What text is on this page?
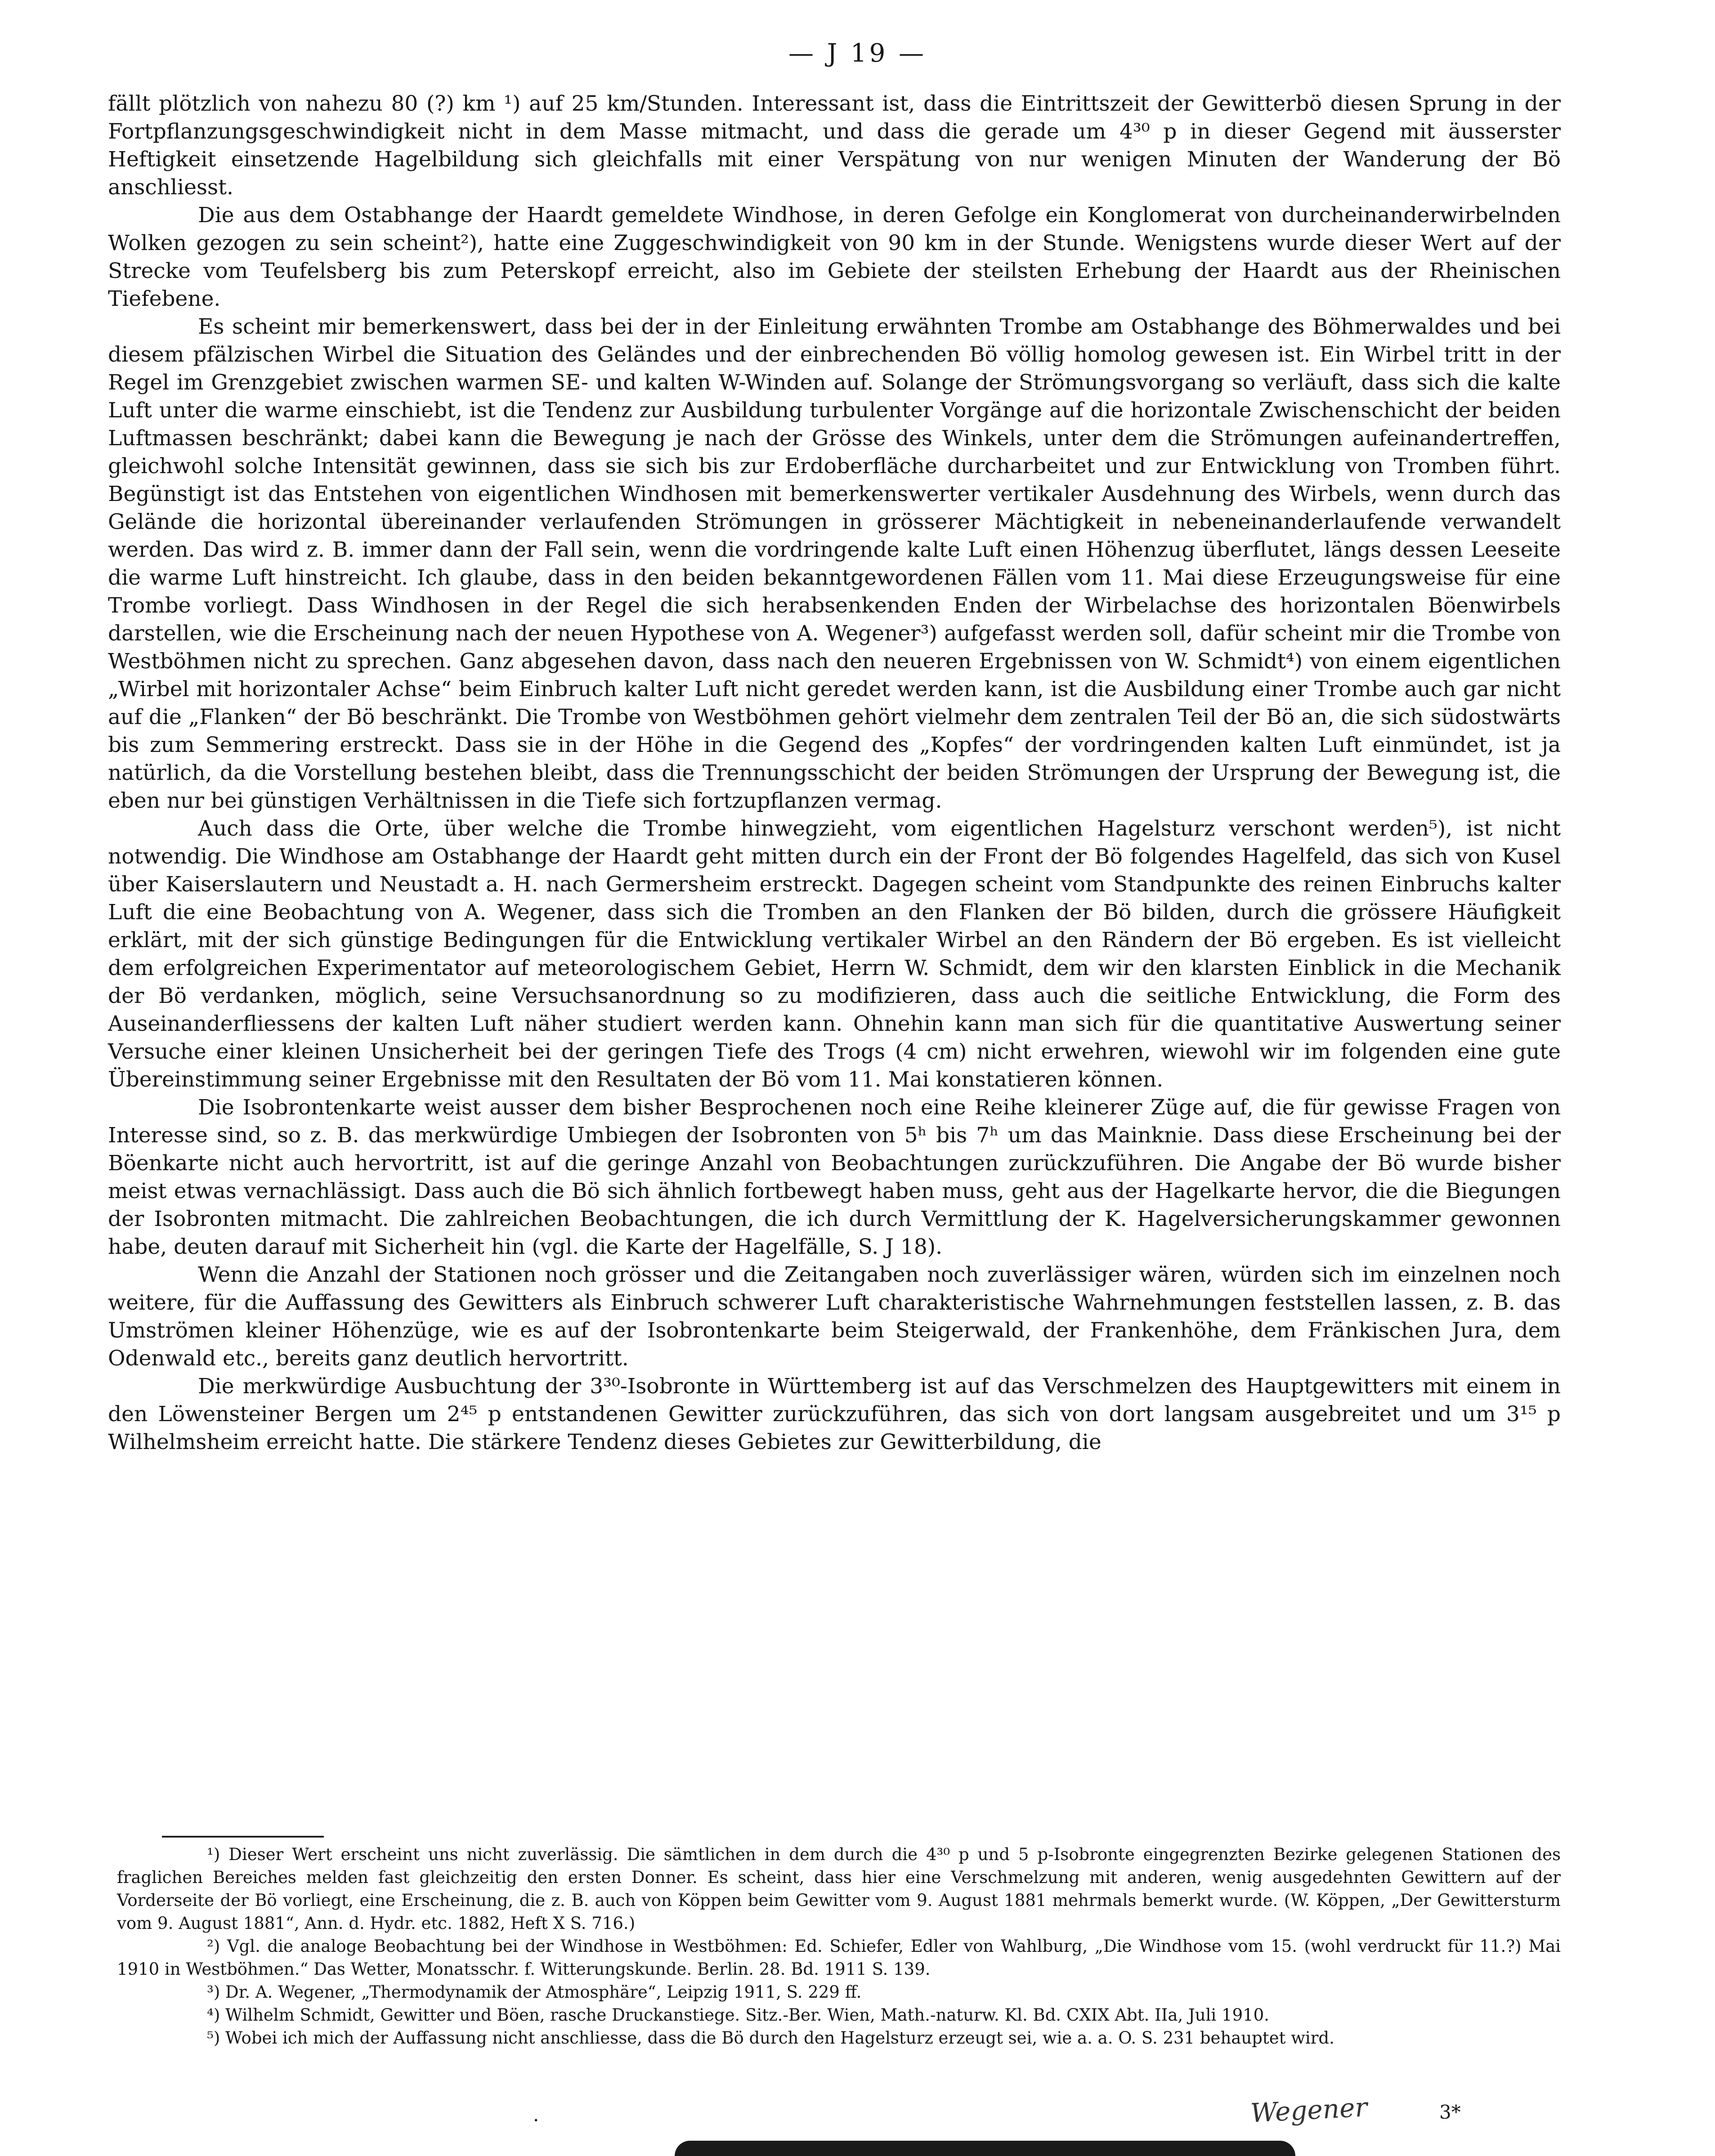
— J 19 —

fällt plötzlich von nahezu 80 (?) km ¹) auf 25 km/Stunden. Interessant ist, dass die Eintrittszeit der Gewitterbö diesen Sprung in der Fortpflanzungsgeschwindigkeit nicht in dem Masse mitmacht, und dass die gerade um 4³⁰ p in dieser Gegend mit äusserster Heftigkeit einsetzende Hagelbildung sich gleichfalls mit einer Verspätung von nur wenigen Minuten der Wanderung der Bö anschliesst.

Die aus dem Ostabhange der Haardt gemeldete Windhose, in deren Gefolge ein Konglomerat von durcheinanderwirbelnden Wolken gezogen zu sein scheint²), hatte eine Zuggeschwindigkeit von 90 km in der Stunde. Wenigstens wurde dieser Wert auf der Strecke vom Teufelsberg bis zum Peterskopf erreicht, also im Gebiete der steilsten Erhebung der Haardt aus der Rheinischen Tiefebene.

Es scheint mir bemerkenswert, dass bei der in der Einleitung erwähnten Trombe am Ostabhange des Böhmerwaldes und bei diesem pfälzischen Wirbel die Situation des Geländes und der einbrechenden Bö völlig homolog gewesen ist. Ein Wirbel tritt in der Regel im Grenzgebiet zwischen warmen SE- und kalten W-Winden auf. Solange der Strömungsvorgang so verläuft, dass sich die kalte Luft unter die warme einschiebt, ist die Tendenz zur Ausbildung turbulenter Vorgänge auf die horizontale Zwischenschicht der beiden Luftmassen beschränkt; dabei kann die Bewegung je nach der Grösse des Winkels, unter dem die Strömungen aufeinandertreffen, gleichwohl solche Intensität gewinnen, dass sie sich bis zur Erdoberfläche durcharbeitet und zur Entwicklung von Tromben führt. Begünstigt ist das Entstehen von eigentlichen Windhosen mit bemerkenswerter vertikaler Ausdehnung des Wirbels, wenn durch das Gelände die horizontal übereinander verlaufenden Strömungen in grösserer Mächtigkeit in nebeneinanderlaufende verwandelt werden. Das wird z. B. immer dann der Fall sein, wenn die vordringende kalte Luft einen Höhenzug überflutet, längs dessen Leeseite die warme Luft hinstreicht. Ich glaube, dass in den beiden bekanntgewordenen Fällen vom 11. Mai diese Erzeugungsweise für eine Trombe vorliegt. Dass Windhosen in der Regel die sich herabsenkenden Enden der Wirbelachse des horizontalen Böenwirbels darstellen, wie die Erscheinung nach der neuen Hypothese von A. Wegener³) aufgefasst werden soll, dafür scheint mir die Trombe von Westböhmen nicht zu sprechen. Ganz abgesehen davon, dass nach den neueren Ergebnissen von W. Schmidt⁴) von einem eigentlichen „Wirbel mit horizontaler Achse“ beim Einbruch kalter Luft nicht geredet werden kann, ist die Ausbildung einer Trombe auch gar nicht auf die „Flanken“ der Bö beschränkt. Die Trombe von Westböhmen gehört vielmehr dem zentralen Teil der Bö an, die sich südostwärts bis zum Semmering erstreckt. Dass sie in der Höhe in die Gegend des „Kopfes“ der vordringenden kalten Luft einmündet, ist ja natürlich, da die Vorstellung bestehen bleibt, dass die Trennungsschicht der beiden Strömungen der Ursprung der Bewegung ist, die eben nur bei günstigen Verhältnissen in die Tiefe sich fortzupflanzen vermag.

Auch dass die Orte, über welche die Trombe hinwegzieht, vom eigentlichen Hagelsturz verschont werden⁵), ist nicht notwendig. Die Windhose am Ostabhange der Haardt geht mitten durch ein der Front der Bö folgendes Hagelfeld, das sich von Kusel über Kaiserslautern und Neustadt a. H. nach Germersheim erstreckt. Dagegen scheint vom Standpunkte des reinen Einbruchs kalter Luft die eine Beobachtung von A. Wegener, dass sich die Tromben an den Flanken der Bö bilden, durch die grössere Häufigkeit erklärt, mit der sich günstige Bedingungen für die Entwicklung vertikaler Wirbel an den Rändern der Bö ergeben. Es ist vielleicht dem erfolgreichen Experimentator auf meteorologischem Gebiet, Herrn W. Schmidt, dem wir den klarsten Einblick in die Mechanik der Bö verdanken, möglich, seine Versuchsanordnung so zu modifizieren, dass auch die seitliche Entwicklung, die Form des Auseinanderfliessens der kalten Luft näher studiert werden kann. Ohnehin kann man sich für die quantitative Auswertung seiner Versuche einer kleinen Unsicherheit bei der geringen Tiefe des Trogs (4 cm) nicht erwehren, wiewohl wir im folgenden eine gute Übereinstimmung seiner Ergebnisse mit den Resultaten der Bö vom 11. Mai konstatieren können.

Die Isobrontenkarte weist ausser dem bisher Besprochenen noch eine Reihe kleinerer Züge auf, die für gewisse Fragen von Interesse sind, so z. B. das merkwürdige Umbiegen der Isobronten von 5ʰ bis 7ʰ um das Mainknie. Dass diese Erscheinung bei der Böenkarte nicht auch hervortritt, ist auf die geringe Anzahl von Beobachtungen zurückzuführen. Die Angabe der Bö wurde bisher meist etwas vernachlässigt. Dass auch die Bö sich ähnlich fortbewegt haben muss, geht aus der Hagelkarte hervor, die die Biegungen der Isobronten mitmacht. Die zahlreichen Beobachtungen, die ich durch Vermittlung der K. Hagelversicherungskammer gewonnen habe, deuten darauf mit Sicherheit hin (vgl. die Karte der Hagelfälle, S. J 18).

Wenn die Anzahl der Stationen noch grösser und die Zeitangaben noch zuverlässiger wären, würden sich im einzelnen noch weitere, für die Auffassung des Gewitters als Einbruch schwerer Luft charakteristische Wahrnehmungen feststellen lassen, z. B. das Umströmen kleiner Höhenzüge, wie es auf der Isobrontenkarte beim Steigerwald, der Frankenhöhe, dem Fränkischen Jura, dem Odenwald etc., bereits ganz deutlich hervortritt.

Die merkwürdige Ausbuchtung der 3³⁰-Isobronte in Württemberg ist auf das Verschmelzen des Hauptgewitters mit einem in den Löwensteiner Bergen um 2⁴⁵ p entstandenen Gewitter zurückzuführen, das sich von dort langsam ausgebreitet und um 3¹⁵ p Wilhelmsheim erreicht hatte. Die stärkere Tendenz dieses Gebietes zur Gewitterbildung, die

¹) Dieser Wert erscheint uns nicht zuverlässig. Die sämtlichen in dem durch die 4³⁰ p und 5 p-Isobronte eingegrenzten Bezirke gelegenen Stationen des fraglichen Bereiches melden fast gleichzeitig den ersten Donner. Es scheint, dass hier eine Verschmelzung mit anderen, wenig ausgedehnten Gewittern auf der Vorderseite der Bö vorliegt, eine Erscheinung, die z. B. auch von Köppen beim Gewitter vom 9. August 1881 mehrmals bemerkt wurde. (W. Köppen, „Der Gewittersturm vom 9. August 1881“, Ann. d. Hydr. etc. 1882, Heft X S. 716.)

²) Vgl. die analoge Beobachtung bei der Windhose in Westböhmen: Ed. Schiefer, Edler von Wahlburg, „Die Windhose vom 15. (wohl verdruckt für 11.?) Mai 1910 in Westböhmen.“ Das Wetter, Monatsschr. f. Witterungskunde. Berlin. 28. Bd. 1911 S. 139.

³) Dr. A. Wegener, „Thermodynamik der Atmosphäre“, Leipzig 1911, S. 229 ff.

⁴) Wilhelm Schmidt, Gewitter und Böen, rasche Druckanstiege. Sitz.-Ber. Wien, Math.-naturw. Kl. Bd. CXIX Abt. IIa, Juli 1910.

⁵) Wobei ich mich der Auffassung nicht anschliesse, dass die Bö durch den Hagelsturz erzeugt sei, wie a. a. O. S. 231 behauptet wird.

·	Wegener	3*
